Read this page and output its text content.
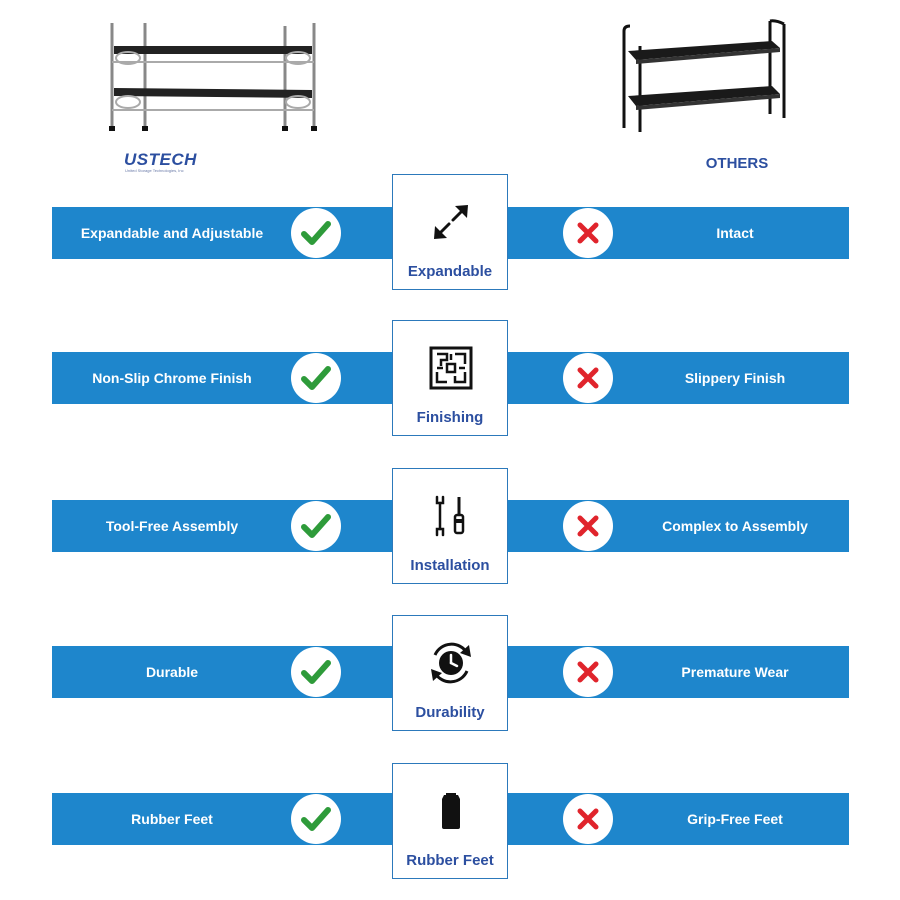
USTECH
United Storage Technologies, Inc	OTHERS
Expandable and Adjustable
Expandable
Intact
Non-Slip Chrome Finish
Finishing
Slippery Finish
Tool-Free Assembly
Installation
Complex to Assembly
Durable
Durability
Premature Wear
Rubber Feet
Rubber Feet
Grip-Free Feet
